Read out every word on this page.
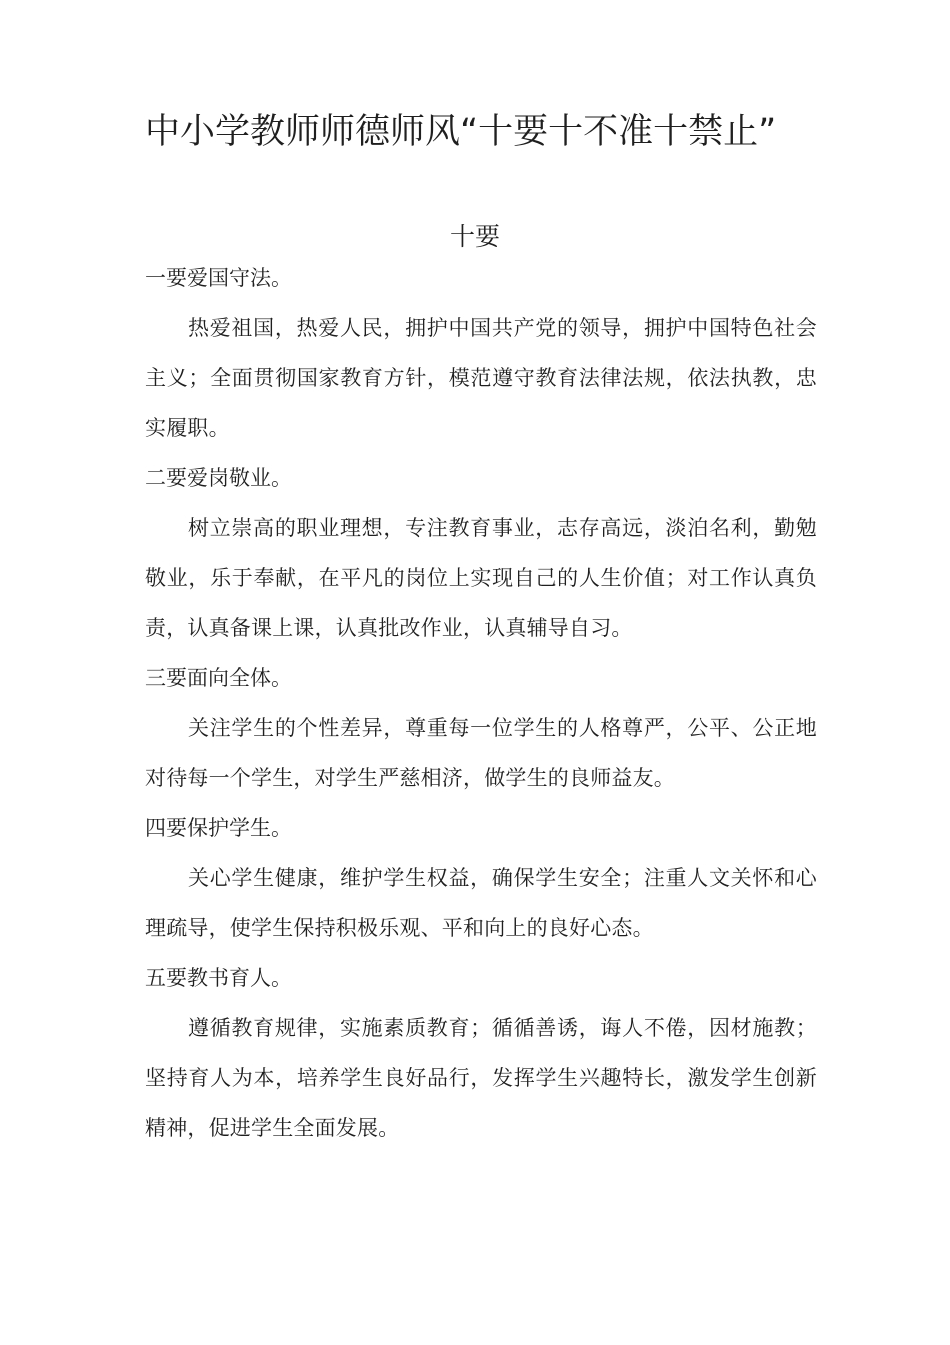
中小学教师师德师风“十要十不准十禁止”
十要
一要爱国守法。

热爱祖国，热爱人民，拥护中国共产党的领导，拥护中国特色社会主义；全面贯彻国家教育方针，模范遵守教育法律法规，依法执教，忠实履职。

二要爱岗敬业。

树立崇高的职业理想，专注教育事业，志存高远，淡泊名利，勤勉敬业，乐于奉献，在平凡的岗位上实现自己的人生价值；对工作认真负责，认真备课上课，认真批改作业，认真辅导自习。

三要面向全体。

关注学生的个性差异，尊重每一位学生的人格尊严，公平、公正地对待每一个学生，对学生严慈相济，做学生的良师益友。

四要保护学生。

关心学生健康，维护学生权益，确保学生安全；注重人文关怀和心理疏导，使学生保持积极乐观、平和向上的良好心态。

五要教书育人。

遵循教育规律，实施素质教育；循循善诱，诲人不倦，因材施教；坚持育人为本，培养学生良好品行，发挥学生兴趣特长，激发学生创新精神，促进学生全面发展。
